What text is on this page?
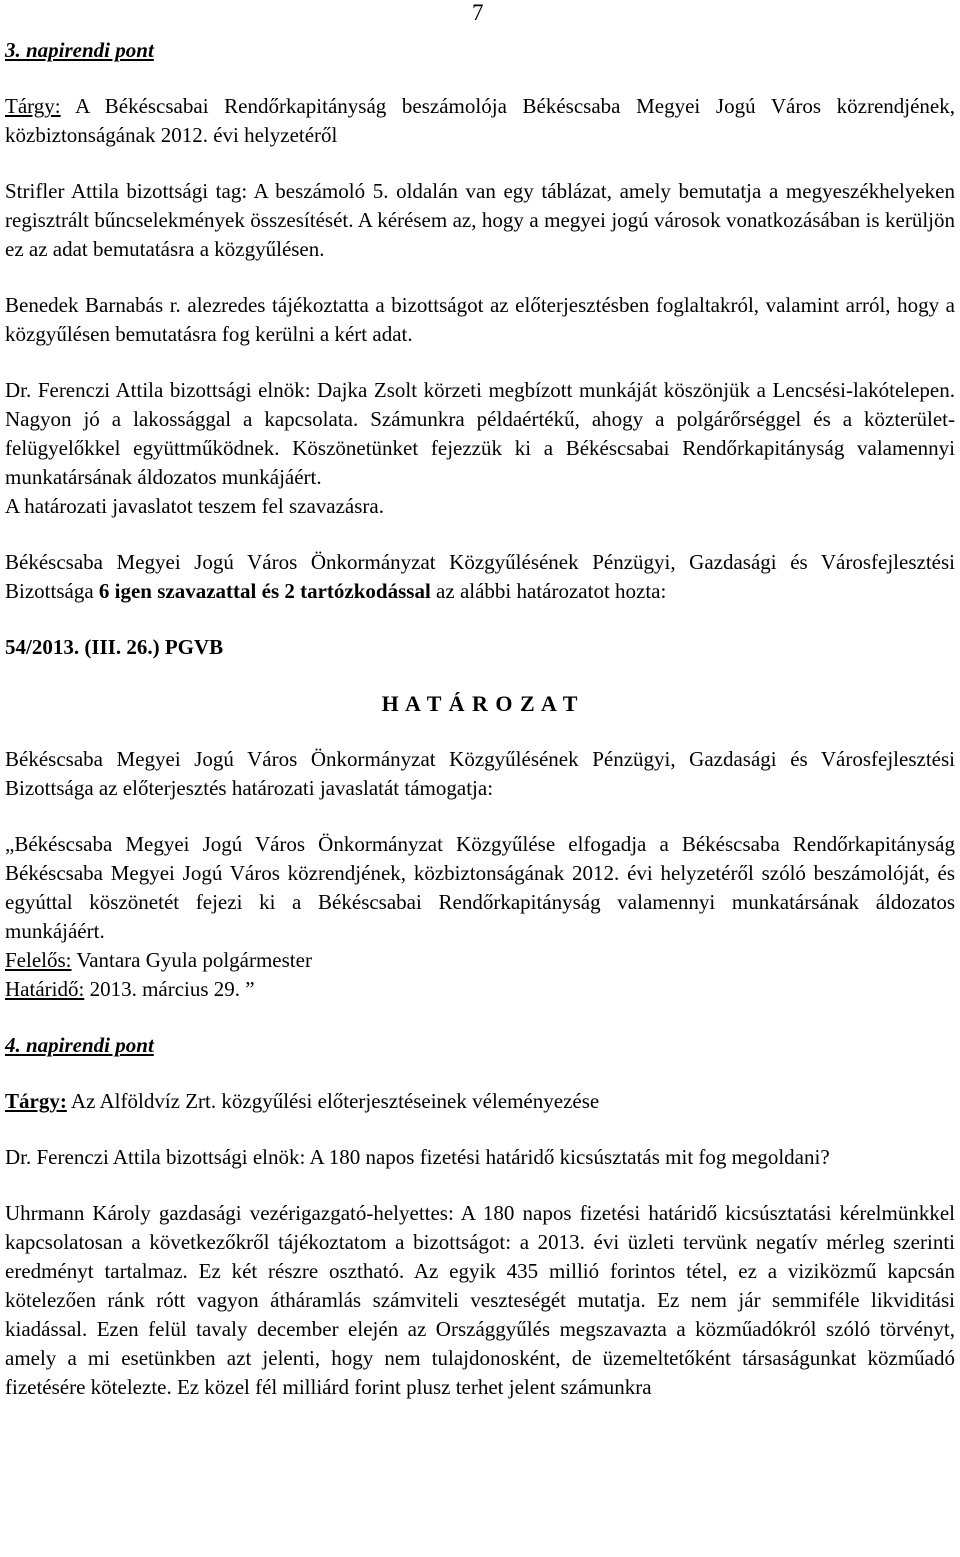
7

3. napirendi pont

Tárgy: A Békéscsabai Rendőrkapitányság beszámolója Békéscsaba Megyei Jogú Város közrendjének, közbiztonságának 2012. évi helyzetéről

Strifler Attila bizottsági tag: A beszámoló 5. oldalán van egy táblázat, amely bemutatja a megyeszékhelyeken regisztrált bűncselekmények összesítését. A kérésem az, hogy a megyei jogú városok vonatkozásában is kerüljön ez az adat bemutatásra a közgyűlésen.

Benedek Barnabás r. alezredes tájékoztatta a bizottságot az előterjesztésben foglaltakról, valamint arról, hogy a közgyűlésen bemutatásra fog kerülni a kért adat.

Dr. Ferenczi Attila bizottsági elnök: Dajka Zsolt körzeti megbízott munkáját köszönjük a Lencsési-lakótelepen. Nagyon jó a lakossággal a kapcsolata. Számunkra példaértékű, ahogy a polgárőrséggel és a közterület-felügyelőkkel együttműködnek. Köszönetünket fejezzük ki a Békéscsabai Rendőrkapitányság valamennyi munkatársának áldozatos munkájáért.

A határozati javaslatot teszem fel szavazásra.

Békéscsaba Megyei Jogú Város Önkormányzat Közgyűlésének Pénzügyi, Gazdasági és Városfejlesztési Bizottsága 6 igen szavazattal és 2 tartózkodással az alábbi határozatot hozta:

54/2013. (III. 26.) PGVB

H A T Á R O Z A T

Békéscsaba Megyei Jogú Város Önkormányzat Közgyűlésének Pénzügyi, Gazdasági és Városfejlesztési Bizottsága az előterjesztés határozati javaslatát támogatja:

„Békéscsaba Megyei Jogú Város Önkormányzat Közgyűlése elfogadja a Békéscsaba Rendőrkapitányság Békéscsaba Megyei Jogú Város közrendjének, közbiztonságának 2012. évi helyzetéről szóló beszámolóját, és egyúttal köszönetét fejezi ki a Békéscsabai Rendőrkapitányság valamennyi munkatársának áldozatos munkájáért.

Felelős: Vantara Gyula polgármester

Határidő: 2013. március 29. ”

4. napirendi pont

Tárgy: Az Alföldvíz Zrt. közgyűlési előterjesztéseinek véleményezése

Dr. Ferenczi Attila bizottsági elnök: A 180 napos fizetési határidő kicsúsztatás mit fog megoldani?

Uhrmann Károly gazdasági vezérigazgató-helyettes: A 180 napos fizetési határidő kicsúsztatási kérelmünkkel kapcsolatosan a következőkről tájékoztatom a bizottságot: a 2013. évi üzleti tervünk negatív mérleg szerinti eredményt tartalmaz. Ez két részre osztható. Az egyik 435 millió forintos tétel, ez a viziközmű kapcsán kötelezően ránk rótt vagyon átháramlás számviteli veszteségét mutatja. Ez nem jár semmiféle likviditási kiadással. Ezen felül tavaly december elején az Országgyűlés megszavazta a közműadókról szóló törvényt, amely a mi esetünkben azt jelenti, hogy nem tulajdonosként, de üzemeltetőként társaságunkat közműadó fizetésére kötelezte. Ez közel fél milliárd forint plusz terhet jelent számunkra
